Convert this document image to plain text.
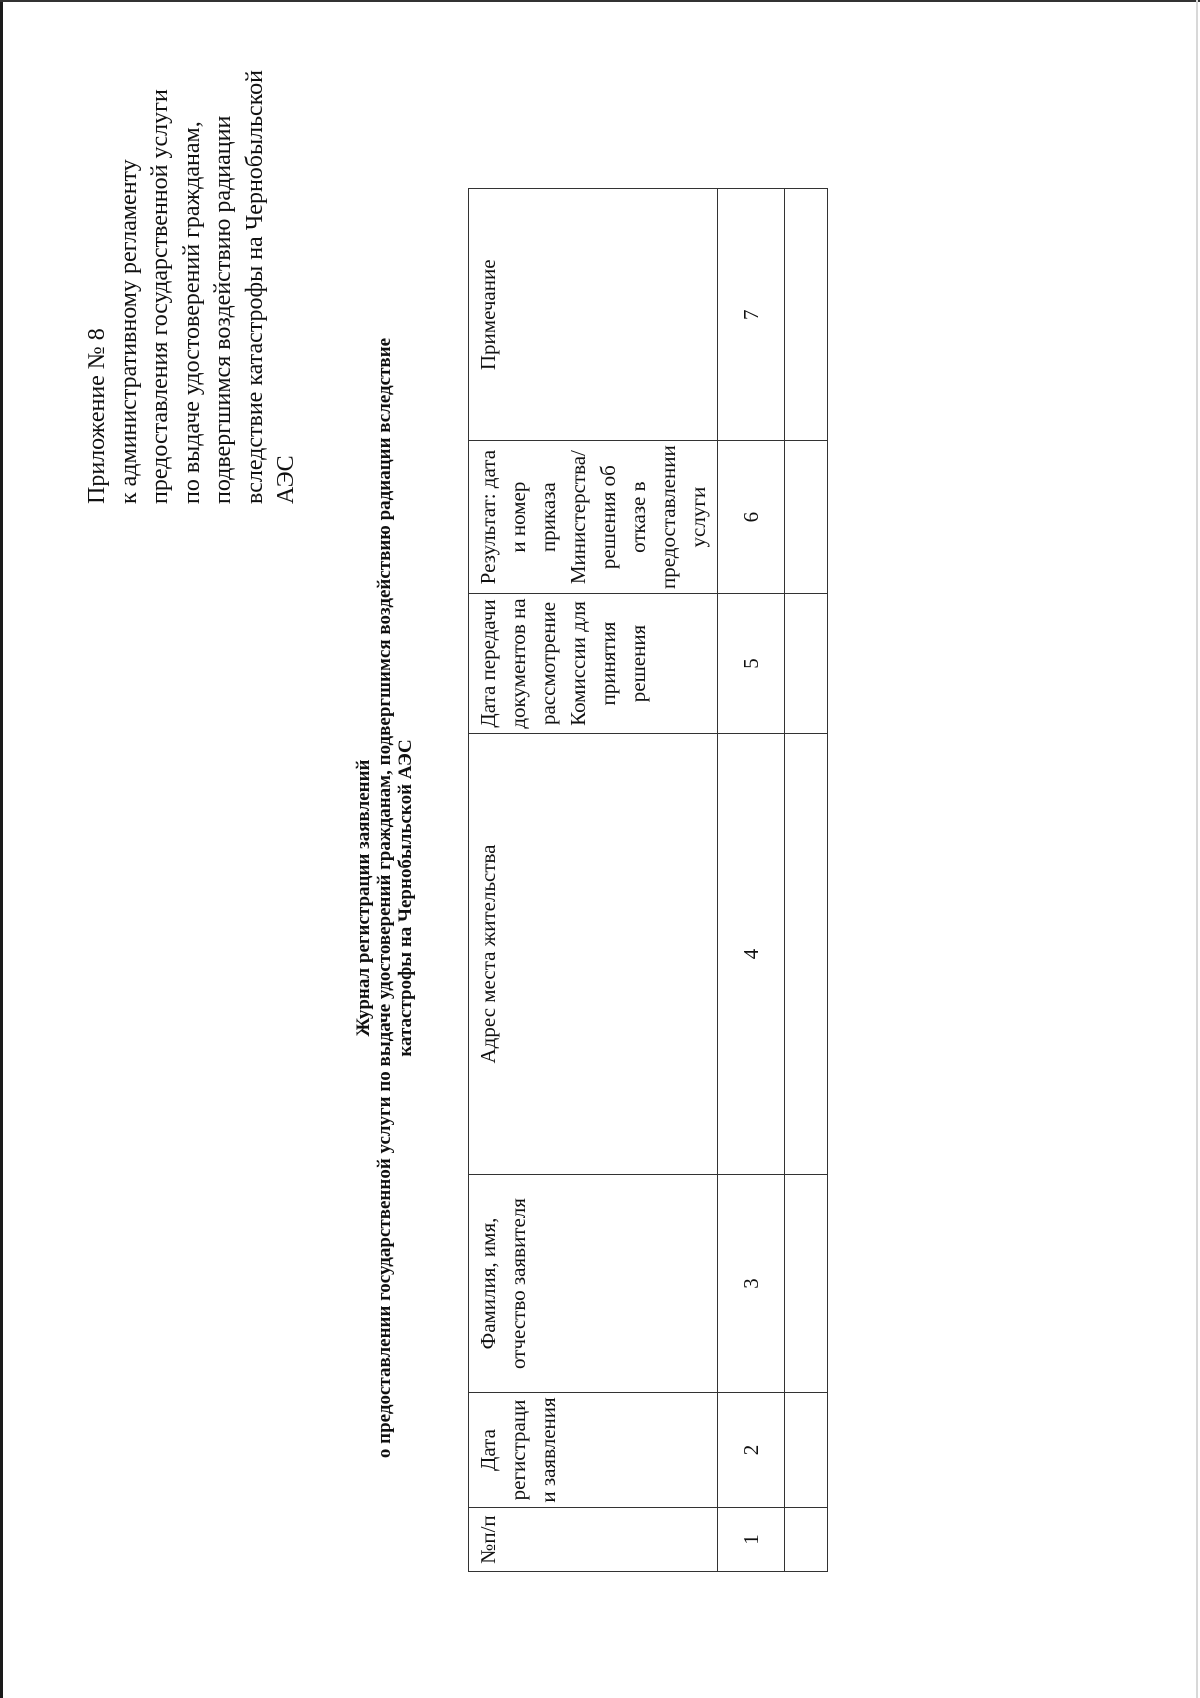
Приложение № 8 к административному регламенту предоставления государственной услуги по выдаче удостоверений гражданам, подвергшимся воздействию радиации вследствие катастрофы на Чернобыльской АЭС
Журнал регистрации заявлений о предоставлении государственной услуги по выдаче удостоверений гражданам, подвергшимся воздействию радиации вследствие катастрофы на Чернобыльской АЭС
№п/п	Дата регистраци и заявления	Фамилия, имя, отчество заявителя	Адрес места жительства	Дата передачи документов на рассмотрение Комиссии для принятия решения	Результат: дата и номер приказа Министерства/решения об отказе в предоставлении услуги	Примечание
1	2	3	4	5	6	7
